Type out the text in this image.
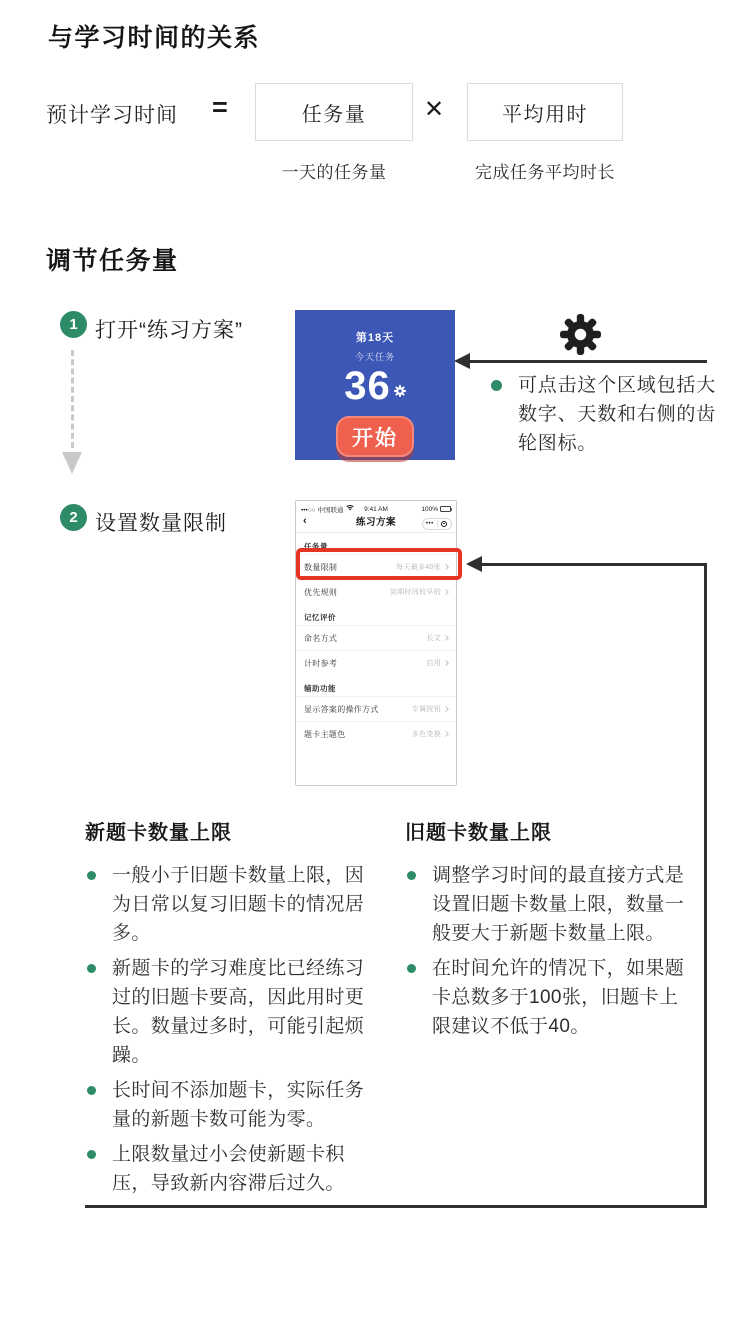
与学习时间的关系
预计学习时间 =	任务量 ✕	平均用时
一天的任务量	完成任务平均时长
调节任务量
1 打开“练习方案”
2 设置数量限制
第18天
今天任务
36
开始
可点击这个区域包括大数字、天数和右侧的齿轮图标。
•••○○ 中国联通	9:41 AM	100%
‹	练习方案	•••
任务量
数量限制	每天最多40张
优先规则	到期时间较早的
记忆评价
命名方式	长文
计时参考	启用
辅助功能
显示答案的操作方式	专属按钮
题卡主题色	多色变换
新题卡数量上限
一般小于旧题卡数量上限，因为日常以复习旧题卡的情况居多。
新题卡的学习难度比已经练习过的旧题卡要高，因此用时更长。数量过多时，可能引起烦躁。
长时间不添加题卡，实际任务量的新题卡数可能为零。
上限数量过小会使新题卡积压，导致新内容滞后过久。
旧题卡数量上限
调整学习时间的最直接方式是设置旧题卡数量上限，数量一般要大于新题卡数量上限。
在时间允许的情况下，如果题卡总数多于100张，旧题卡上限建议不低于40。
